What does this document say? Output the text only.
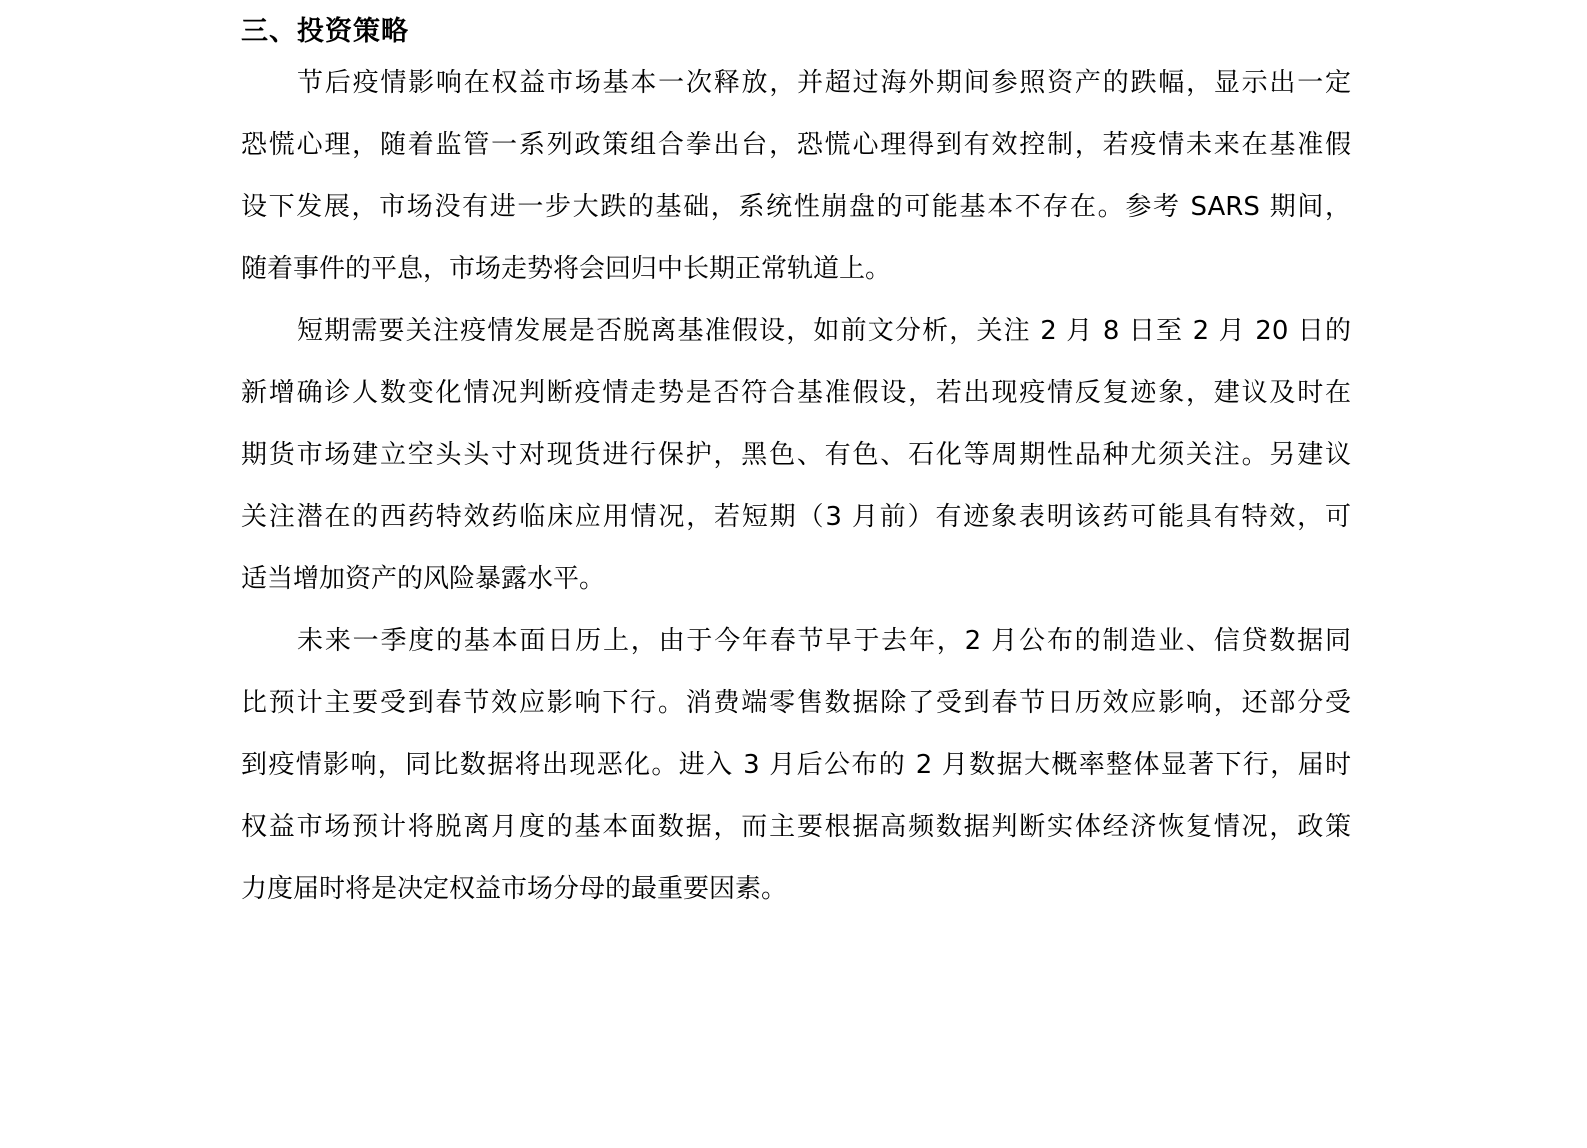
三、投资策略
节后疫情影响在权益市场基本一次释放，并超过海外期间参照资产的跌幅，显示出一定
恐慌心理，随着监管一系列政策组合拳出台，恐慌心理得到有效控制，若疫情未来在基准假
设下发展，市场没有进一步大跌的基础，系统性崩盘的可能基本不存在。参考 SARS 期间，
随着事件的平息，市场走势将会回归中长期正常轨道上。
短期需要关注疫情发展是否脱离基准假设，如前文分析，关注 2 月 8 日至 2 月 20 日的
新增确诊人数变化情况判断疫情走势是否符合基准假设，若出现疫情反复迹象，建议及时在
期货市场建立空头头寸对现货进行保护，黑色、有色、石化等周期性品种尤须关注。另建议
关注潜在的西药特效药临床应用情况，若短期（3 月前）有迹象表明该药可能具有特效，可
适当增加资产的风险暴露水平。
未来一季度的基本面日历上，由于今年春节早于去年，2 月公布的制造业、信贷数据同
比预计主要受到春节效应影响下行。消费端零售数据除了受到春节日历效应影响，还部分受
到疫情影响，同比数据将出现恶化。进入 3 月后公布的 2 月数据大概率整体显著下行，届时
权益市场预计将脱离月度的基本面数据，而主要根据高频数据判断实体经济恢复情况，政策
力度届时将是决定权益市场分母的最重要因素。
